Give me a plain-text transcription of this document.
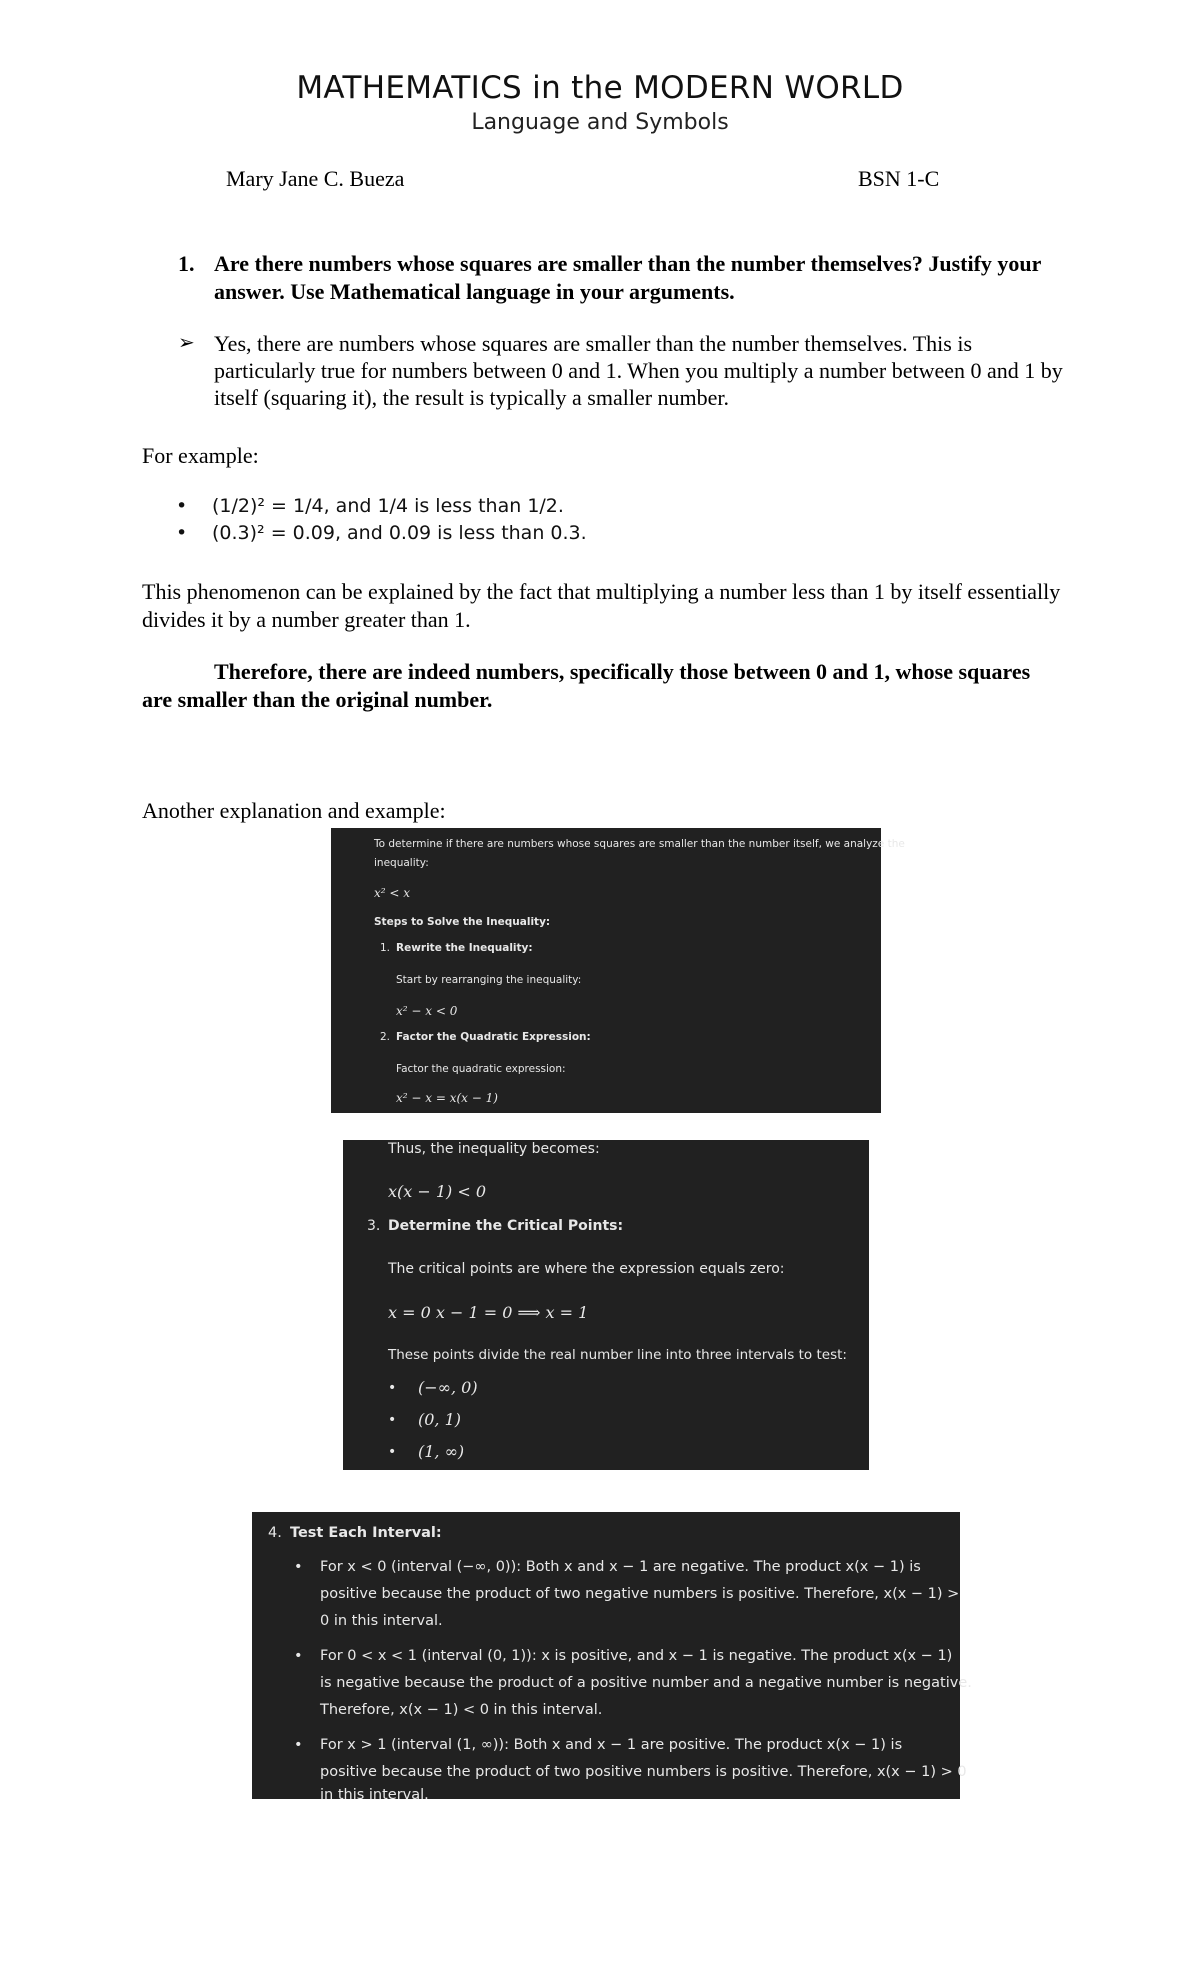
MATHEMATICS in the MODERN WORLD
Language and Symbols
Mary Jane C. Bueza	BSN 1-C
1. Are there numbers whose squares are smaller than the number themselves? Justify your answer. Use Mathematical language in your arguments.
➢ Yes, there are numbers whose squares are smaller than the number themselves. This is particularly true for numbers between 0 and 1. When you multiply a number between 0 and 1 by itself (squaring it), the result is typically a smaller number.
For example:
• (1/2)² = 1/4, and 1/4 is less than 1/2.
• (0.3)² = 0.09, and 0.09 is less than 0.3.
This phenomenon can be explained by the fact that multiplying a number less than 1 by itself essentially divides it by a number greater than 1.
Therefore, there are indeed numbers, specifically those between 0 and 1, whose squares are smaller than the original number.
Another explanation and example:
To determine if there are numbers whose squares are smaller than the number itself, we analyze the
inequality:
x² < x
Steps to Solve the Inequality:
1. Rewrite the Inequality:
Start by rearranging the inequality:
x² − x < 0
2. Factor the Quadratic Expression:
Factor the quadratic expression:
x² − x = x(x − 1)
Thus, the inequality becomes:
x(x − 1) < 0
3. Determine the Critical Points:
The critical points are where the expression equals zero:
x = 0 x − 1 = 0 ⟹ x = 1
These points divide the real number line into three intervals to test:
• (−∞, 0)
• (0, 1)
• (1, ∞)
4. Test Each Interval:
• For x < 0 (interval (−∞, 0)): Both x and x − 1 are negative. The product x(x − 1) is
positive because the product of two negative numbers is positive. Therefore, x(x − 1) >
0 in this interval.
• For 0 < x < 1 (interval (0, 1)): x is positive, and x − 1 is negative. The product x(x − 1)
is negative because the product of a positive number and a negative number is negative.
Therefore, x(x − 1) < 0 in this interval.
• For x > 1 (interval (1, ∞)): Both x and x − 1 are positive. The product x(x − 1) is
positive because the product of two positive numbers is positive. Therefore, x(x − 1) > 0
in this interval.
